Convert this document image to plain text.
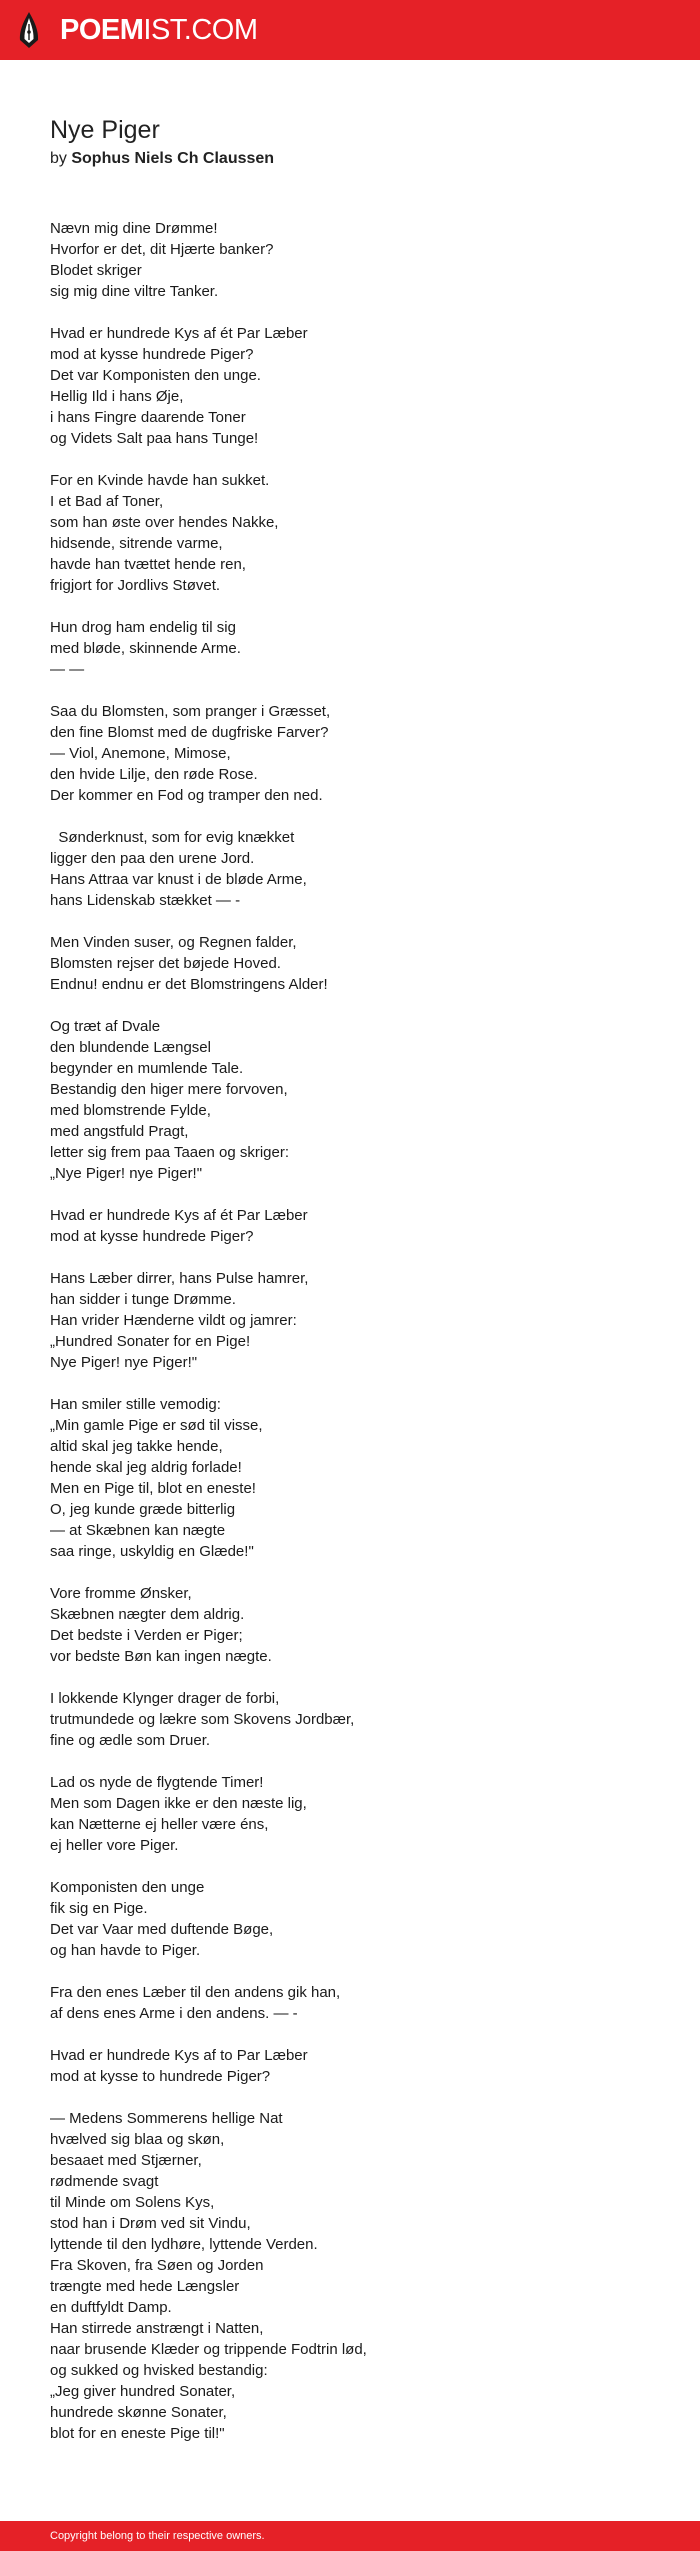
POEMIST.COM
Nye Piger
by Sophus Niels Ch Claussen
Nævn mig dine Drømme!
Hvorfor er det, dit Hjærte banker?
Blodet skriger
sig mig dine viltre Tanker.
Hvad er hundrede Kys af ét Par Læber
mod at kysse hundrede Piger?
Det var Komponisten den unge.
Hellig Ild i hans Øje,
i hans Fingre daarende Toner
og Videts Salt paa hans Tunge!
For en Kvinde havde han sukket.
I et Bad af Toner,
som han øste over hendes Nakke,
hidsende, sitrende varme,
havde han tvættet hende ren,
frigjort for Jordlivs Støvet.
Hun drog ham endelig til sig
med bløde, skinnende Arme.
— —
Saa du Blomsten, som pranger i Græsset,
den fine Blomst med de dugfriske Farver?
— Viol, Anemone, Mimose,
den hvide Lilje, den røde Rose.
Der kommer en Fod og tramper den ned.
Sønderknust, som for evig knækket
ligger den paa den urene Jord.
Hans Attraa var knust i de bløde Arme,
hans Lidenskab stækket — -
Men Vinden suser, og Regnen falder,
Blomsten rejser det bøjede Hoved.
Endnu! endnu er det Blomstringens Alder!
Og træt af Dvale
den blundende Længsel
begynder en mumlende Tale.
Bestandig den higer mere forvoven,
med blomstrende Fylde,
med angstfuld Pragt,
letter sig frem paa Taaen og skriger:
„Nye Piger! nye Piger!"
Hvad er hundrede Kys af ét Par Læber
mod at kysse hundrede Piger?
Hans Læber dirrer, hans Pulse hamrer,
han sidder i tunge Drømme.
Han vrider Hænderne vildt og jamrer:
„Hundred Sonater for en Pige!
Nye Piger! nye Piger!"
Han smiler stille vemodig:
„Min gamle Pige er sød til visse,
altid skal jeg takke hende,
hende skal jeg aldrig forlade!
Men en Pige til, blot en eneste!
O, jeg kunde græde bitterlig
— at Skæbnen kan nægte
saa ringe, uskyldig en Glæde!"
Vore fromme Ønsker,
Skæbnen nægter dem aldrig.
Det bedste i Verden er Piger;
vor bedste Bøn kan ingen nægte.
I lokkende Klynger drager de forbi,
trutmundede og lækre som Skovens Jordbær,
fine og ædle som Druer.
Lad os nyde de flygtende Timer!
Men som Dagen ikke er den næste lig,
kan Nætterne ej heller være éns,
ej heller vore Piger.
Komponisten den unge
fik sig en Pige.
Det var Vaar med duftende Bøge,
og han havde to Piger.
Fra den enes Læber til den andens gik han,
af dens enes Arme i den andens. — -
Hvad er hundrede Kys af to Par Læber
mod at kysse to hundrede Piger?
— Medens Sommerens hellige Nat
hvælved sig blaa og skøn,
besaaet med Stjærner,
rødmende svagt
til Minde om Solens Kys,
stod han i Drøm ved sit Vindu,
lyttende til den lydhøre, lyttende Verden.
Fra Skoven, fra Søen og Jorden
trængte med hede Længsler
en duftfyldt Damp.
Han stirrede anstrængt i Natten,
naar brusende Klæder og trippende Fodtrin lød,
og sukked og hvisked bestandig:
„Jeg giver hundred Sonater,
hundrede skønne Sonater,
blot for en eneste Pige til!"
Copyright belong to their respective owners.
